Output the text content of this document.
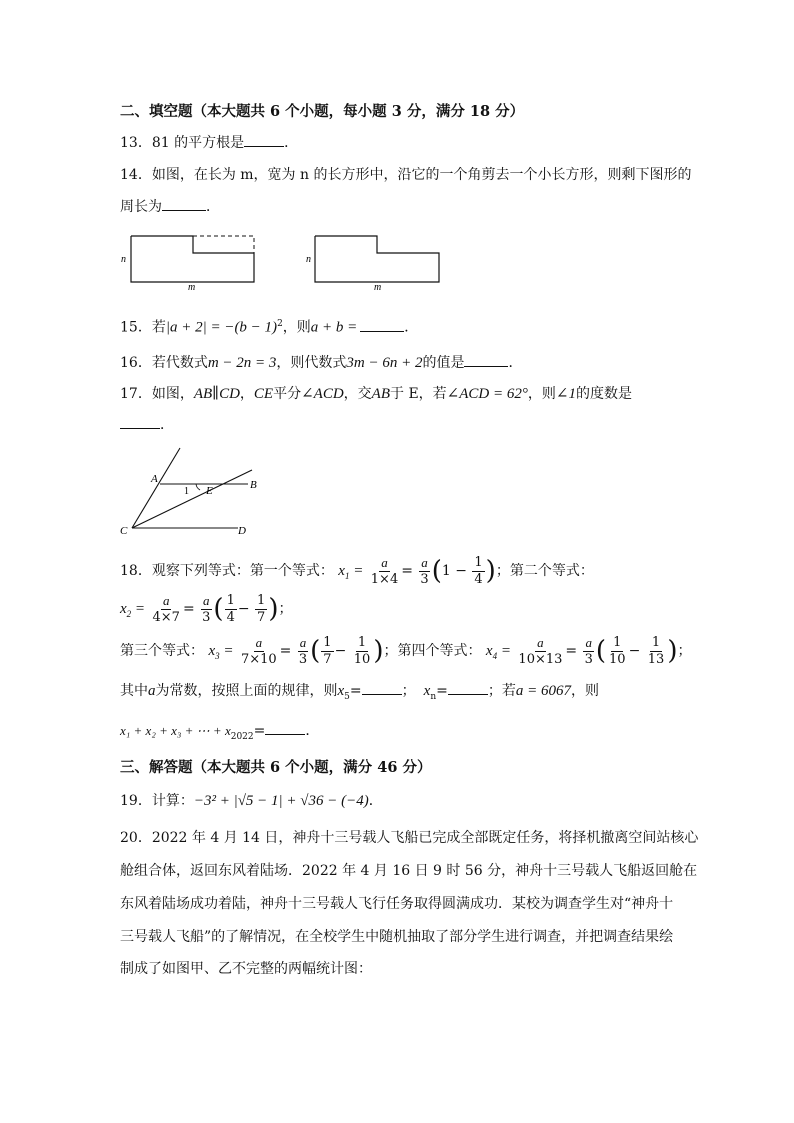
二、填空题（本大题共 6 个小题，每小题 3 分，满分 18 分）
13．81 的平方根是	．
14．如图，在长为 m，宽为 n 的长方形中，沿它的一个角剪去一个小长方形，则剩下图形的
周长为	．
n
m
n
m
15．若$|a + 2| = -(b - 1)^2$，则a + b =	．
16．若代数式m − 2n = 3，则代数式3m − 6n + 2的值是	．
17．如图，AB∥CD，CE平分∠ACD，交AB于 E，若∠ACD = 62°，则∠1的度数是
．
A	B
C	D
E
1
18．观察下列等式：第一个等式： $x_1 = \frac{a}{1\times 4} = \frac{a}{3} (1 - \frac{1}{4}$ )；第二个等式：
$x_2 = \frac{a}{4\times 7} = \frac{a}{3}$ ( $\frac{1}{4} - \frac{1}{7}$ )；
第三个等式： $x_3 = \frac{a}{7\times 10} = \frac{a}{3}$ ( $\frac{1}{7} - \frac{1}{10}$ )；第四个等式： $x_4 = \frac{a}{10\times 13} = \frac{a}{3}$ ( $\frac{1}{10} - \frac{1}{13}$ )；
其中a为常数，按照上面的规律，则$x_5=$	； $x_n=$	；若a = 6067，则
x₁ + x₂ + x₃ + ⋯ + $x_{2022}=$	．
三、解答题（本大题共 6 个小题，满分 46 分）
19．计算：−3² + |√5 − 1| + √36 − (−4)．
20．2022 年 4 月 14 日，神舟十三号载人飞船已完成全部既定任务，将择机撤离空间站核心
舱组合体，返回东风着陆场．2022 年 4 月 16 日 9 时 56 分，神舟十三号载人飞船返回舱在
东风着陆场成功着陆，神舟十三号载人飞行任务取得圆满成功．某校为调查学生对“神舟十
三号载人飞船”的了解情况，在全校学生中随机抽取了部分学生进行调查，并把调查结果绘
制成了如图甲、乙不完整的两幅统计图：
